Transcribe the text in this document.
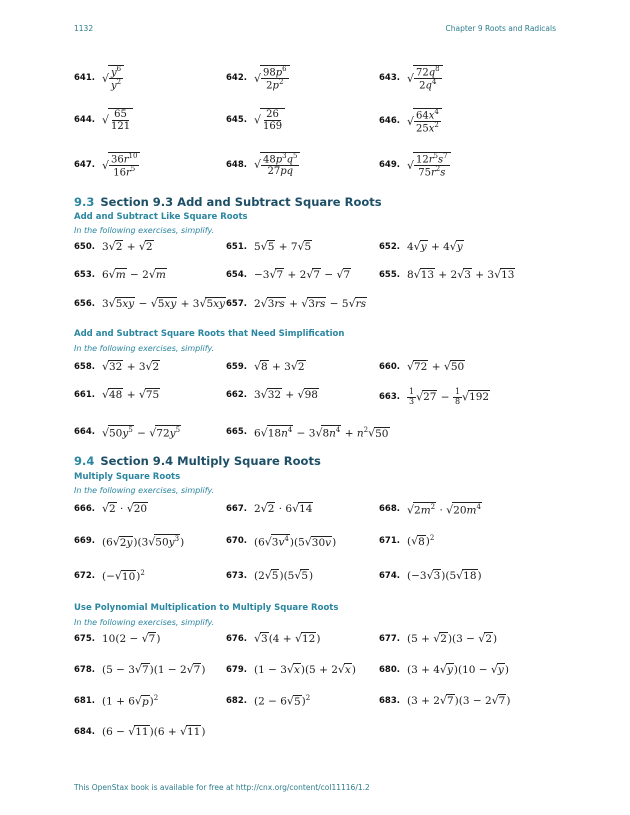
1132	Chapter 9 Roots and Radicals
641. √ $\frac{y^6}{y^2}$	642. √ $\frac{98p^6}{2p^2}$	643. √ $\frac{72q^8}{2q^4}$
644. √ $\frac{65}{121}$	645. √ $\frac{26}{169}$	646. √ $\frac{64x^4}{25x^2}$
647. √ $\frac{36r^{10}}{16r^5}$	648. √ $\frac{48p^3q^5}{27pq}$	649. √ $\frac{12r^5s^7}{75r^2s}$
9.3 Section 9.3 Add and Subtract Square Roots
Add and Subtract Like Square Roots
In the following exercises, simplify.
650. 3√2 + √2	651. 5√5 + 7√5	652. 4√y + 4√y
653. 6√m − 2√m	654. −3√7 + 2√7 − √7	655. 8√13 + 2√3 + 3√13
656. 3√5xy − √5xy + 3√5xy 657. 2√3rs + √3rs − 5√rs
Add and Subtract Square Roots that Need Simplification
In the following exercises, simplify.
658. √32 + 3√2	659. √8 + 3√2	660. √72 + √50
661. √48 + √75	662. 3√32 + √98	663. $\frac{1}{3} √27 - \frac{1}{8} √192$
664. $√50y^5 - √72y^5$	665. $6√18n^4 - 3√8n^4 + n^2√50$
9.4 Section 9.4 Multiply Square Roots
Multiply Square Roots
In the following exercises, simplify.
666. √2 · √20	667. 2√2 · 6√14	668. $√2m^2 \cdot √20m^4$
669. $(6√2y)(3√50y^3)$	670. $(6√3v^4)(5√30v)$	671. $(√8)^2$
672. $(-√10)^2$	673. (2√5)(5√5)	674. (−3√3)(5√18)
Use Polynomial Multiplication to Multiply Square Roots
In the following exercises, simplify.
675. 10(2 − √7)	676. √3(4 + √12)	677. (5 + √2)(3 − √2)
678. (5 − 3√7)(1 − 2√7) 679. (1 − 3√x)(5 + 2√x)	680. (3 + 4√y)(10 − √y)
681. $(1 + 6√p)^2$	682. $(2 - 6√5)^2$	683. (3 + 2√7)(3 − 2√7)
684. (6 − √11)(6 + √11)
This OpenStax book is available for free at http://cnx.org/content/col11116/1.2
